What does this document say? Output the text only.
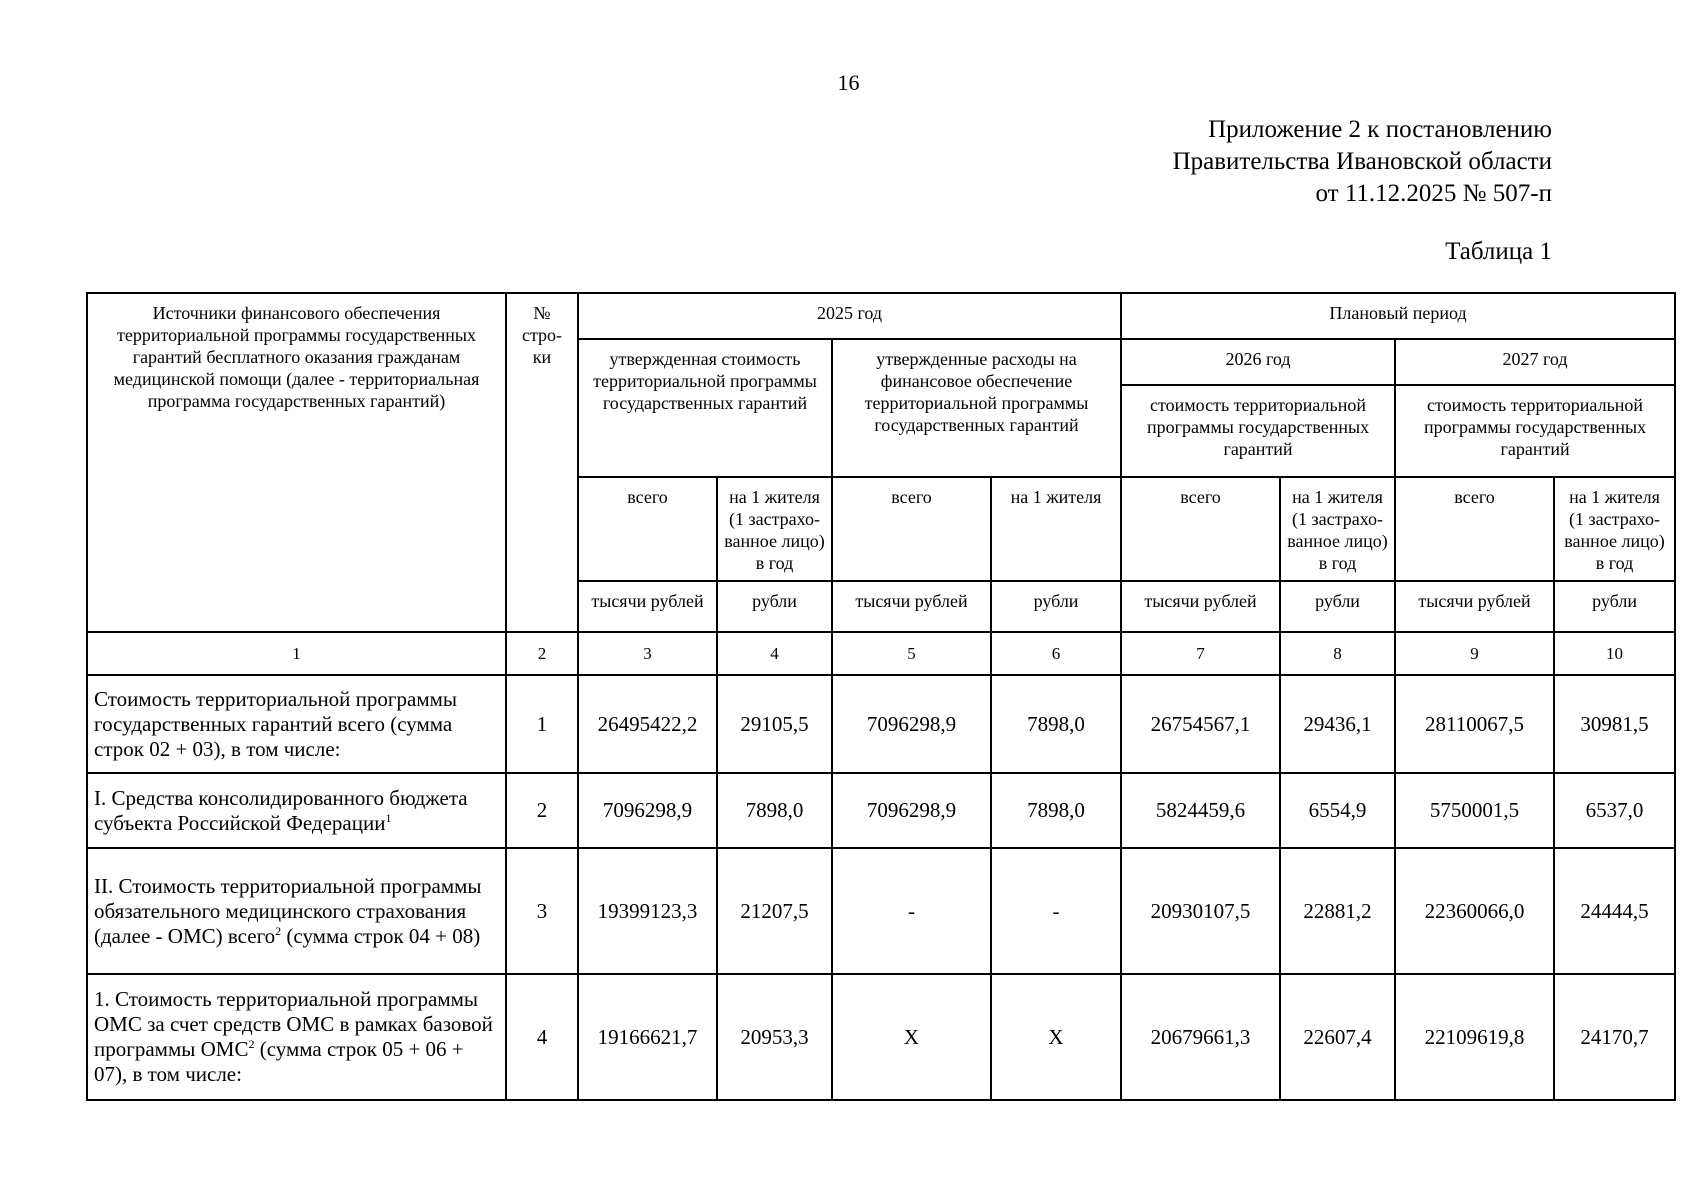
16
Приложение 2 к постановлению
Правительства Ивановской области
от 11.12.2025 № 507-п
Таблица 1
Источники финансового обеспечения территориальной программы государственных гарантий бесплатного оказания гражданам медицинской помощи (далее - территориальная программа государственных гарантий)	№ стро-ки	2025 год				Плановый период			
		утвержденная стоимость территориальной программы государственных гарантий		утвержденные расходы на финансовое обеспечение территориальной программы государственных гарантий		2026 год		2027 год	
						стоимость территориальной программы государственных гарантий		стоимость территориальной программы государственных гарантий	
		всего	на 1 жителя (1 застрахо-ванное лицо) в год	всего	на 1 жителя	всего	на 1 жителя (1 застрахо-ванное лицо) в год	всего	на 1 жителя (1 застрахо-ванное лицо) в год
		тысячи рублей	рубли	тысячи рублей	рубли	тысячи рублей	рубли	тысячи рублей	рубли
1	2	3	4	5	6	7	8	9	10
Стоимость территориальной программы государственных гарантий всего (сумма строк 02 + 03), в том числе:	1	26495422,2	29105,5	7096298,9	7898,0	26754567,1	29436,1	28110067,5	30981,5
I. Средства консолидированного бюджета субъекта Российской Федерации$^1$	2	7096298,9	7898,0	7096298,9	7898,0	5824459,6	6554,9	5750001,5	6537,0
II. Стоимость территориальной программы обязательного медицинского страхования (далее - ОМС) всего$^2$ (сумма строк 04 + 08)	3	19399123,3	21207,5	-	-	20930107,5	22881,2	22360066,0	24444,5
1. Стоимость территориальной программы ОМС за счет средств ОМС в рамках базовой программы ОМС$^2$ (сумма строк 05 + 06 + 07), в том числе:	4	19166621,7	20953,3	X	X	20679661,3	22607,4	22109619,8	24170,7
